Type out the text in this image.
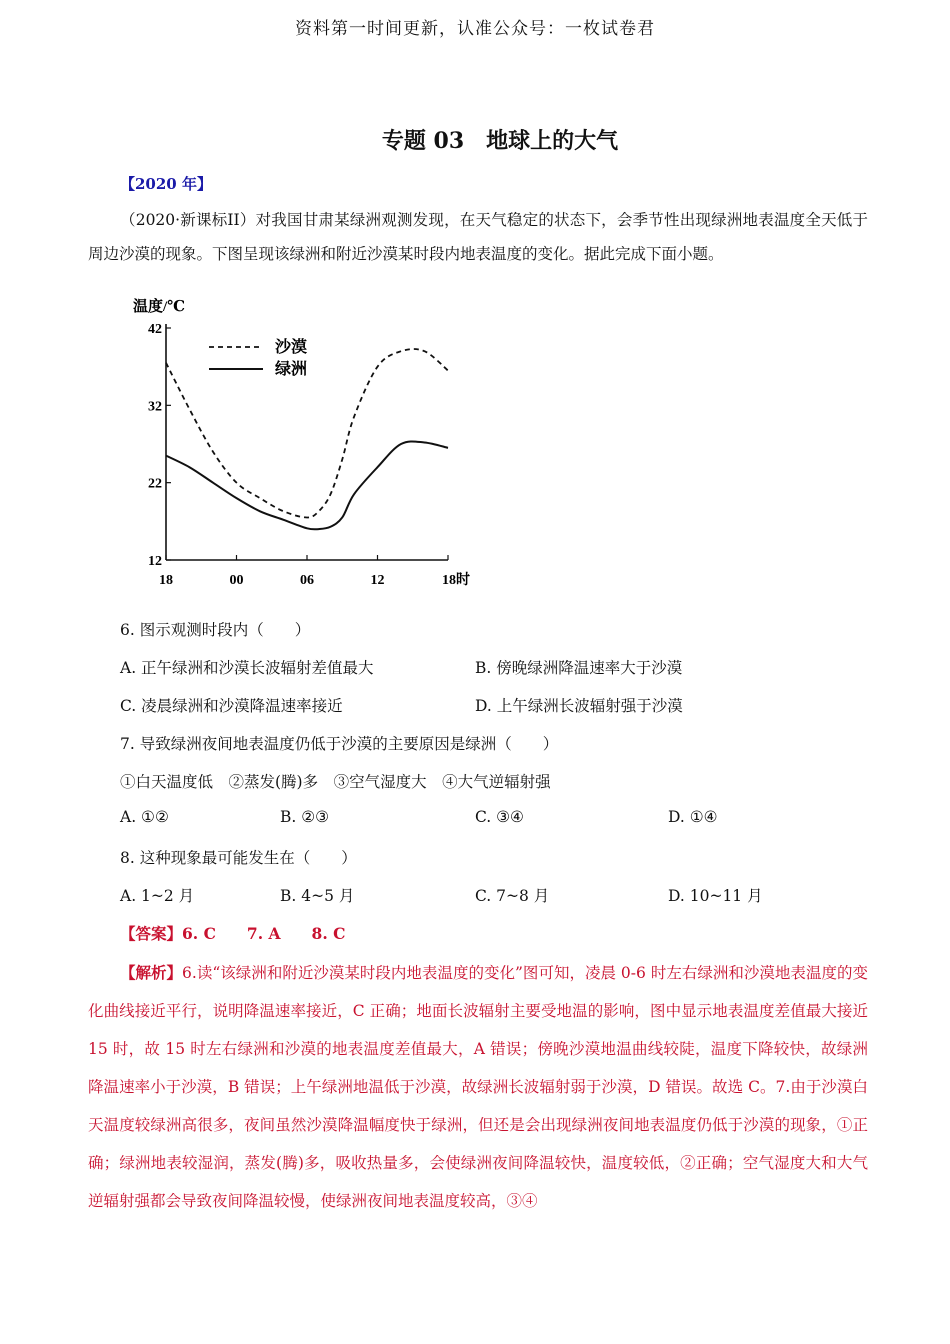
资料第一时间更新，认准公众号：一枚试卷君
专题 03　地球上的大气
【2020 年】
（2020·新课标II）对我国甘肃某绿洲观测发现，在天气稳定的状态下，会季节性出现绿洲地表温度全天低于周边沙漠的现象。下图呈现该绿洲和附近沙漠某时段内地表温度的变化。据此完成下面小题。
12
22
32
42
18	00	06	12	18时
温度/℃
沙漠
绿洲
6. 图示观测时段内（　　）
A. 正午绿洲和沙漠长波辐射差值最大	B. 傍晚绿洲降温速率大于沙漠
C. 凌晨绿洲和沙漠降温速率接近	D. 上午绿洲长波辐射强于沙漠
7. 导致绿洲夜间地表温度仍低于沙漠的主要原因是绿洲（　　）
①白天温度低　②蒸发(腾)多　③空气湿度大　④大气逆辐射强
A. ①②	B. ②③	C. ③④	D. ①④
8. 这种现象最可能发生在（　　）
A. 1~2 月	B. 4~5 月	C. 7~8 月	D. 10~11 月
【答案】6. C　　7. A　　8. C
【解析】6.读“该绿洲和附近沙漠某时段内地表温度的变化”图可知，凌晨 0-6 时左右绿洲和沙漠地表温度的变化曲线接近平行，说明降温速率接近，C 正确；地面长波辐射主要受地温的影响，图中显示地表温度差值最大接近 15 时，故 15 时左右绿洲和沙漠的地表温度差值最大，A 错误；傍晚沙漠地温曲线较陡，温度下降较快，故绿洲降温速率小于沙漠，B 错误；上午绿洲地温低于沙漠，故绿洲长波辐射弱于沙漠，D 错误。故选 C。7.由于沙漠白天温度较绿洲高很多，夜间虽然沙漠降温幅度快于绿洲，但还是会出现绿洲夜间地表温度仍低于沙漠的现象，①正确；绿洲地表较湿润，蒸发(腾)多，吸收热量多，会使绿洲夜间降温较快，温度较低，②正确；空气湿度大和大气逆辐射强都会导致夜间降温较慢，使绿洲夜间地表温度较高，③④
